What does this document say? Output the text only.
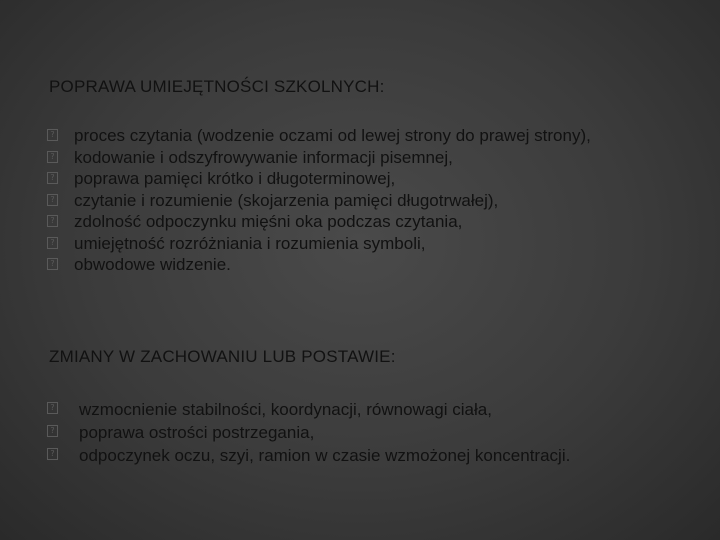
POPRAWA UMIEJĘTNOŚCI SZKOLNYCH:
?
proces czytania (wodzenie oczami od lewej strony do prawej strony),
?
kodowanie i odszyfrowywanie informacji pisemnej,
?
poprawa pamięci krótko i długoterminowej,
?
czytanie i rozumienie (skojarzenia pamięci długotrwałej),
?
zdolność odpoczynku mięśni oka podczas czytania,
?
umiejętność rozróżniania i rozumienia symboli,
?
obwodowe widzenie.
ZMIANY W ZACHOWANIU LUB POSTAWIE:
?
wzmocnienie stabilności, koordynacji, równowagi ciała,
?
poprawa ostrości postrzegania,
?
odpoczynek oczu, szyi, ramion w czasie wzmożonej koncentracji.
